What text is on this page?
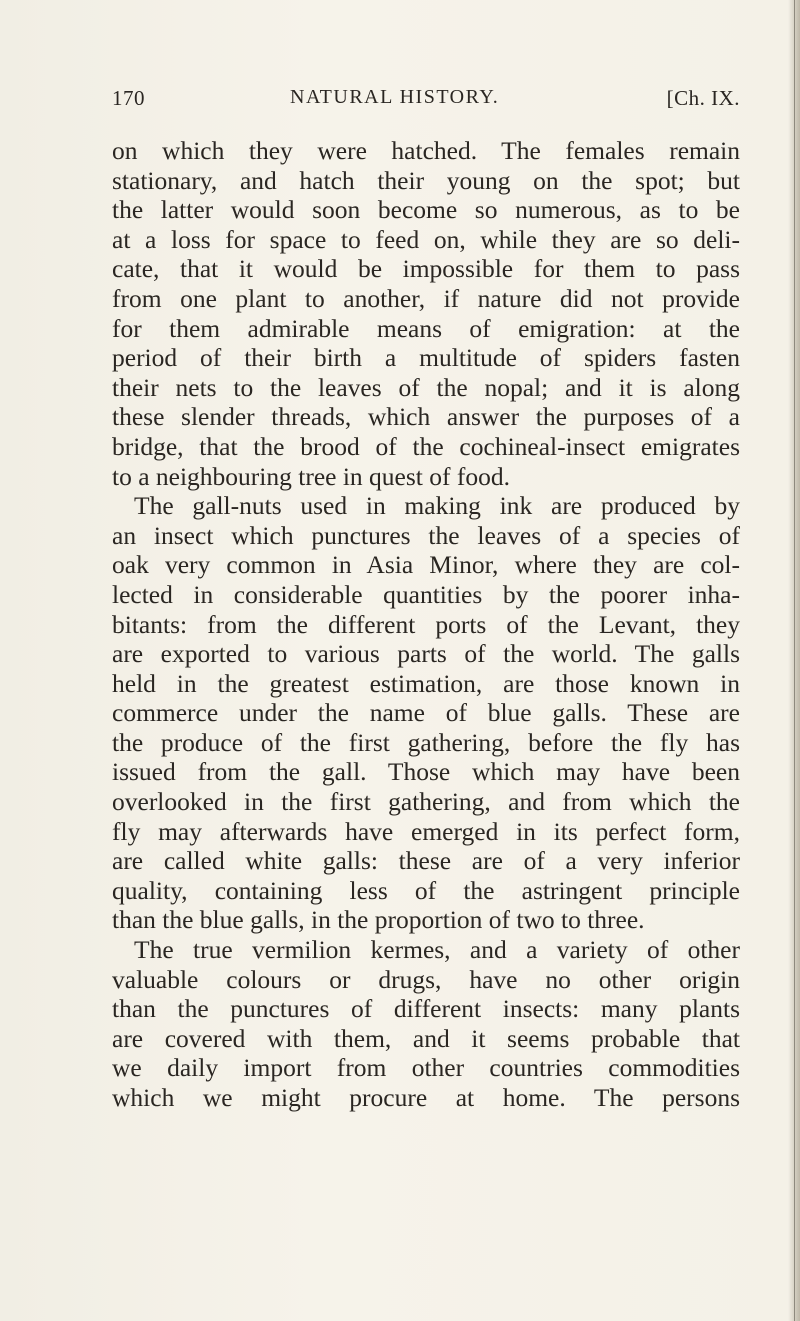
170	NATURAL HISTORY.	[Ch. IX.
on which they were hatched. The females remain
stationary, and hatch their young on the spot; but
the latter would soon become so numerous, as to be
at a loss for space to feed on, while they are so deli-
cate, that it would be impossible for them to pass
from one plant to another, if nature did not provide
for them admirable means of emigration: at the
period of their birth a multitude of spiders fasten
their nets to the leaves of the nopal; and it is along
these slender threads, which answer the purposes of a
bridge, that the brood of the cochineal-insect emigrates
to a neighbouring tree in quest of food.
The gall-nuts used in making ink are produced by
an insect which punctures the leaves of a species of
oak very common in Asia Minor, where they are col-
lected in considerable quantities by the poorer inha-
bitants: from the different ports of the Levant, they
are exported to various parts of the world. The galls
held in the greatest estimation, are those known in
commerce under the name of blue galls. These are
the produce of the first gathering, before the fly has
issued from the gall. Those which may have been
overlooked in the first gathering, and from which the
fly may afterwards have emerged in its perfect form,
are called white galls: these are of a very inferior
quality, containing less of the astringent principle
than the blue galls, in the proportion of two to three.
The true vermilion kermes, and a variety of other
valuable colours or drugs, have no other origin
than the punctures of different insects: many plants
are covered with them, and it seems probable that
we daily import from other countries commodities
which we might procure at home. The persons
